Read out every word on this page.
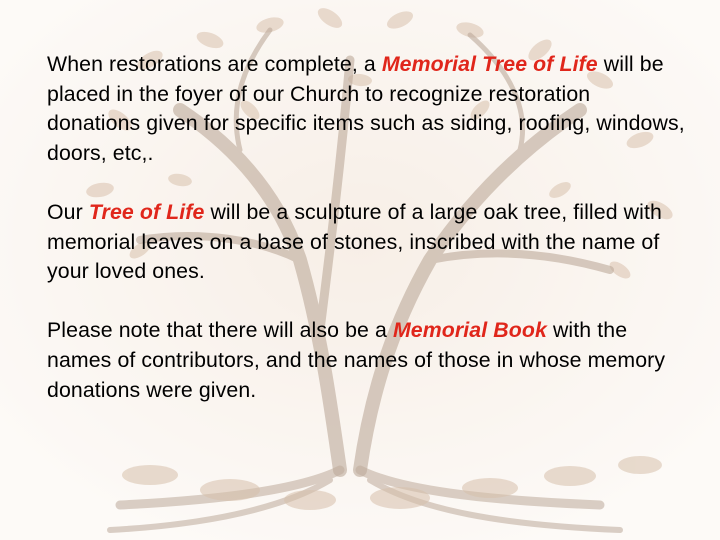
When restorations are complete, a Memorial Tree of Life will be placed in the foyer of our Church to recognize restoration donations given for specific items such as siding, roofing, windows, doors, etc,.

Our Tree of Life will be a sculpture of a large oak tree, filled with memorial leaves on a base of stones, inscribed with the name of your loved ones.

Please note that there will also be a Memorial Book with the names of contributors, and the names of those in whose memory donations were given.
